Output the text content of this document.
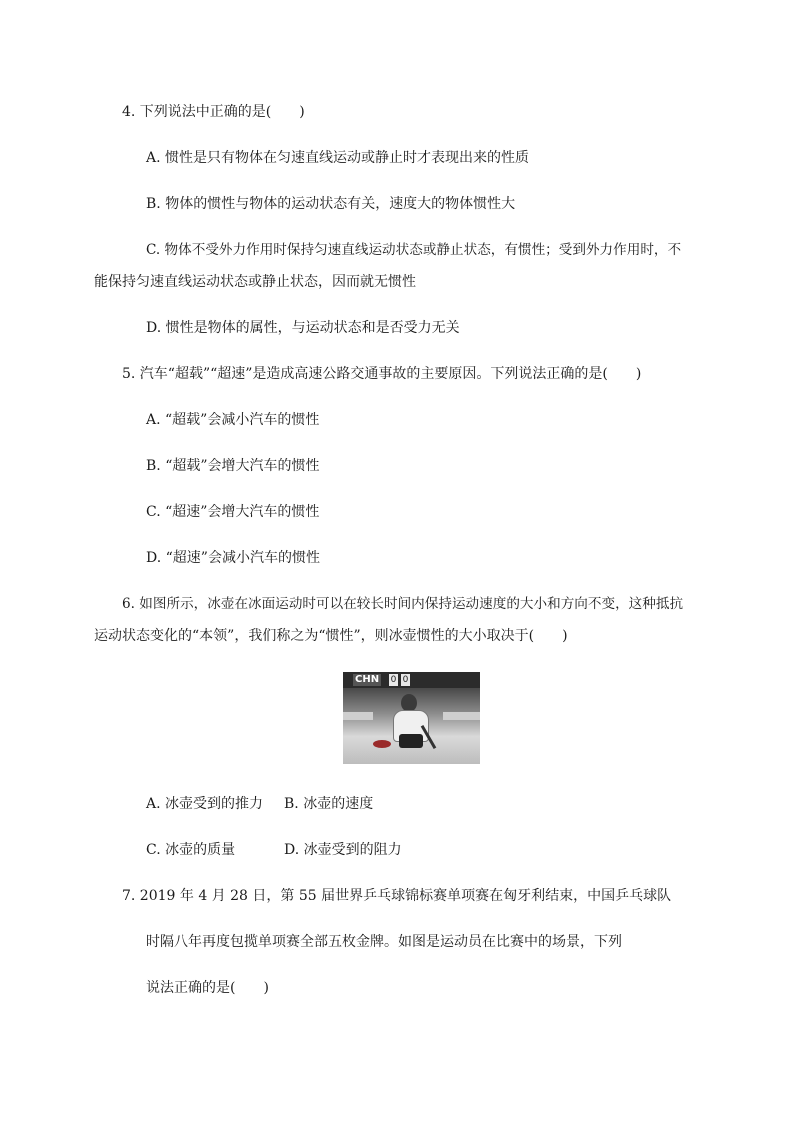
4. 下列说法中正确的是(　　)
A. 惯性是只有物体在匀速直线运动或静止时才表现出来的性质
B. 物体的惯性与物体的运动状态有关，速度大的物体惯性大
C. 物体不受外力作用时保持匀速直线运动状态或静止状态，有惯性；受到外力作用时，不
能保持匀速直线运动状态或静止状态，因而就无惯性
D. 惯性是物体的属性，与运动状态和是否受力无关
5. 汽车“超载”“超速”是造成高速公路交通事故的主要原因。下列说法正确的是(　　)
A. “超载”会减小汽车的惯性
B. “超载”会增大汽车的惯性
C. “超速”会增大汽车的惯性
D. “超速”会减小汽车的惯性
6. 如图所示，冰壶在冰面运动时可以在较长时间内保持运动速度的大小和方向不变，这种抵抗
运动状态变化的“本领”，我们称之为“惯性”，则冰壶惯性的大小取决于(　　)
CHN 0 0
A. 冰壶受到的推力 B. 冰壶的速度
C. 冰壶的质量	D. 冰壶受到的阻力
7. 2019 年 4 月 28 日，第 55 届世界乒乓球锦标赛单项赛在匈牙利结束，中国乒乓球队
时隔八年再度包揽单项赛全部五枚金牌。如图是运动员在比赛中的场景，下列
说法正确的是(　　)
